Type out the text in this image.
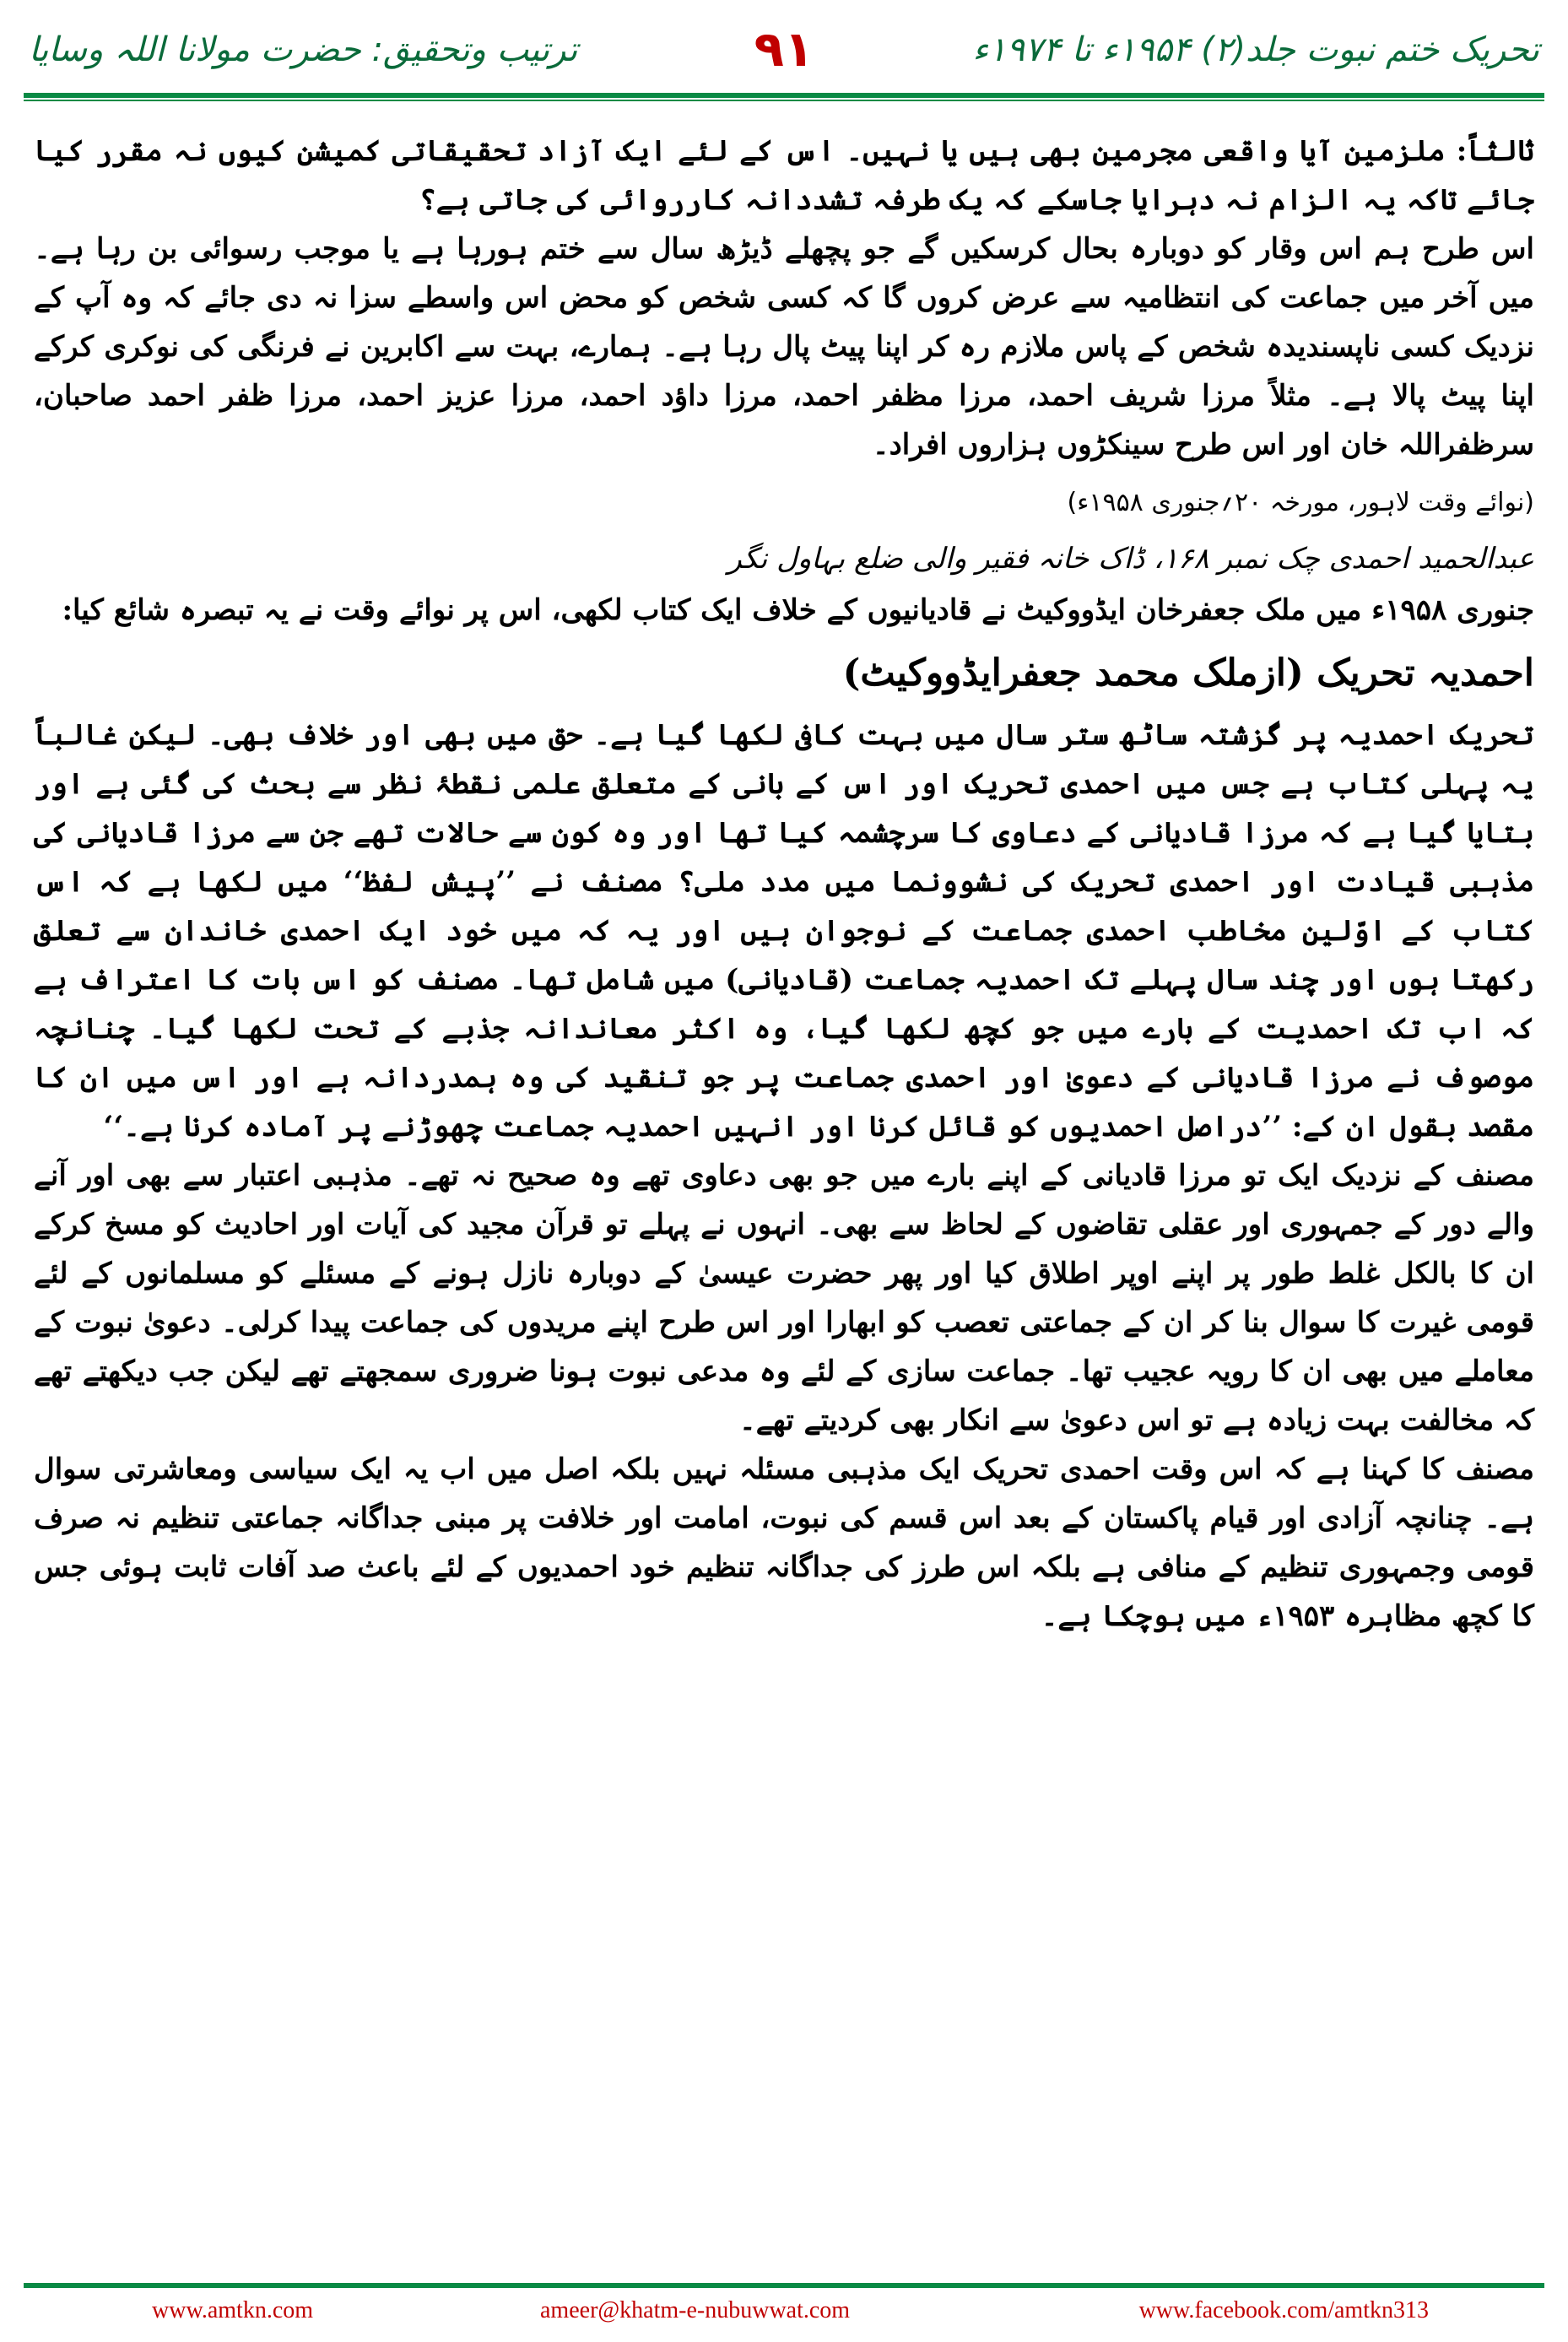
تحریک ختم نبوت جلد(۲) ۱۹۵۴ء تا ۱۹۷۴ء
۹۱
ترتیب وتحقیق: حضرت مولانا اللہ وسایا

ثالثاً: ملزمین آیا واقعی مجرمین بھی ہیں یا نہیں۔ اس کے لئے ایک آزاد تحقیقاتی کمیشن کیوں نہ مقرر کیا جائے تاکہ یہ الزام نہ دہرایا جاسکے کہ یک طرفہ تشددانہ کارروائی کی جاتی ہے؟

اس طرح ہم اس وقار کو دوبارہ بحال کرسکیں گے جو پچھلے ڈیڑھ سال سے ختم ہورہا ہے یا موجب رسوائی بن رہا ہے۔ میں آخر میں جماعت کی انتظامیہ سے عرض کروں گا کہ کسی شخص کو محض اس واسطے سزا نہ دی جائے کہ وہ آپ کے نزدیک کسی ناپسندیدہ شخص کے پاس ملازم رہ کر اپنا پیٹ پال رہا ہے۔ ہمارے، بہت سے اکابرین نے فرنگی کی نوکری کرکے اپنا پیٹ پالا ہے۔ مثلاً مرزا شریف احمد، مرزا مظفر احمد، مرزا داؤد احمد، مرزا عزیز احمد، مرزا ظفر احمد صاحبان، سرظفراللہ خان اور اس طرح سینکڑوں ہزاروں افراد۔

(نوائے وقت لاہور، مورخہ ۲۰؍جنوری ۱۹۵۸ء)

عبدالحمید احمدی چک نمبر ۱۶۸، ڈاک خانہ فقیر والی ضلع بہاول نگر

جنوری ۱۹۵۸ء میں ملک جعفرخان ایڈووکیٹ نے قادیانیوں کے خلاف ایک کتاب لکھی، اس پر نوائے وقت نے یہ تبصرہ شائع کیا:

احمدیہ تحریک (ازملک محمد جعفرایڈووکیٹ)

تحریک احمدیہ پر گزشتہ ساٹھ ستر سال میں بہت کافی لکھا گیا ہے۔ حق میں بھی اور خلاف بھی۔ لیکن غالباً یہ پہلی کتاب ہے جس میں احمدی تحریک اور اس کے بانی کے متعلق علمی نقطۂ نظر سے بحث کی گئی ہے اور بتایا گیا ہے کہ مرزا قادیانی کے دعاوی کا سرچشمہ کیا تھا اور وہ کون سے حالات تھے جن سے مرزا قادیانی کی مذہبی قیادت اور احمدی تحریک کی نشوونما میں مدد ملی؟ مصنف نے ’’پیش لفظ‘‘ میں لکھا ہے کہ اس کتاب کے اوّلین مخاطب احمدی جماعت کے نوجوان ہیں اور یہ کہ میں خود ایک احمدی خاندان سے تعلق رکھتا ہوں اور چند سال پہلے تک احمدیہ جماعت (قادیانی) میں شامل تھا۔ مصنف کو اس بات کا اعتراف ہے کہ اب تک احمدیت کے بارے میں جو کچھ لکھا گیا، وہ اکثر معاندانہ جذبے کے تحت لکھا گیا۔ چنانچہ موصوف نے مرزا قادیانی کے دعویٰ اور احمدی جماعت پر جو تنقید کی وہ ہمدردانہ ہے اور اس میں ان کا مقصد بقول ان کے: ’’دراصل احمدیوں کو قائل کرنا اور انہیں احمدیہ جماعت چھوڑنے پر آمادہ کرنا ہے۔‘‘

مصنف کے نزدیک ایک تو مرزا قادیانی کے اپنے بارے میں جو بھی دعاوی تھے وہ صحیح نہ تھے۔ مذہبی اعتبار سے بھی اور آنے والے دور کے جمہوری اور عقلی تقاضوں کے لحاظ سے بھی۔ انہوں نے پہلے تو قرآن مجید کی آیات اور احادیث کو مسخ کرکے ان کا بالکل غلط طور پر اپنے اوپر اطلاق کیا اور پھر حضرت عیسیٰ کے دوبارہ نازل ہونے کے مسئلے کو مسلمانوں کے لئے قومی غیرت کا سوال بنا کر ان کے جماعتی تعصب کو ابھارا اور اس طرح اپنے مریدوں کی جماعت پیدا کرلی۔ دعویٰ نبوت کے معاملے میں بھی ان کا رویہ عجیب تھا۔ جماعت سازی کے لئے وہ مدعی نبوت ہونا ضروری سمجھتے تھے لیکن جب دیکھتے تھے کہ مخالفت بہت زیادہ ہے تو اس دعویٰ سے انکار بھی کردیتے تھے۔

مصنف کا کہنا ہے کہ اس وقت احمدی تحریک ایک مذہبی مسئلہ نہیں بلکہ اصل میں اب یہ ایک سیاسی ومعاشرتی سوال ہے۔ چنانچہ آزادی اور قیام پاکستان کے بعد اس قسم کی نبوت، امامت اور خلافت پر مبنی جداگانہ جماعتی تنظیم نہ صرف قومی وجمہوری تنظیم کے منافی ہے بلکہ اس طرز کی جداگانہ تنظیم خود احمدیوں کے لئے باعث صد آفات ثابت ہوئی جس کا کچھ مظاہرہ ۱۹۵۳ء میں ہوچکا ہے۔

www.amtkn.com	ameer@khatm-e-nubuwwat.com	www.facebook.com/amtkn313
